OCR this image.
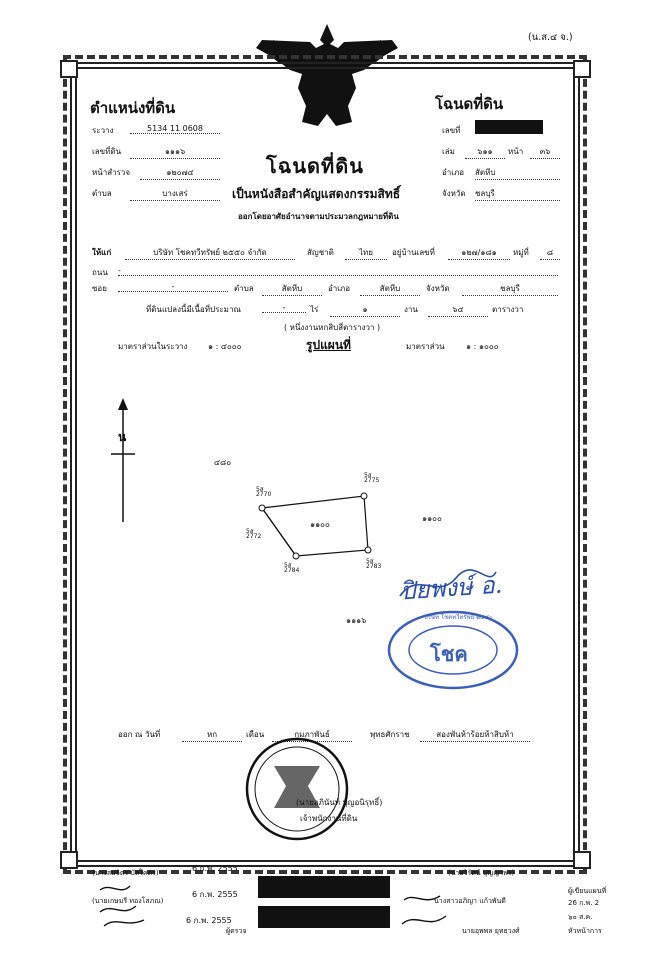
(น.ส.๔ จ.)
ตำแหน่งที่ดิน
ระวาง	5134 11 0608
เลขที่ดิน	๑๑๑๖
หน้าสำรวจ	๑๒๐๗๔
ตำบล	บางเสร่
โฉนดที่ดิน
เลขที่
เล่ม	๖๑๑	หน้า	๓๖
อำเภอ สัตหีบ
จังหวัด ชลบุรี
โฉนดที่ดิน
เป็นหนังสือสำคัญแสดงกรรมสิทธิ์
ออกโดยอาศัยอำนาจตามประมวลกฎหมายที่ดิน
ให้แก่	บริษัท โชคทวีทรัพย์ ๒๕๕๐ จำกัด	สัญชาติ	ไทย	อยู่บ้านเลขที่	๑๒๗/๑๘๑	หมู่ที่	๘
ถนน -
ซอย	-	ตำบล	สัตหีบ	อำเภอ	สัตหีบ	จังหวัด	ชลบุรี
ที่ดินแปลงนี้มีเนื้อที่ประมาณ	-	ไร่	๑	งาน	๖๔	ตารางวา
( หนึ่งงานหกสิบสี่ตารางวา )
มาตราส่วนในระวาง	๑ : ๔๐๐๐	รูปแผนที่	มาตราส่วน	๑ : ๑๐๐๐
น
๔๘๐
๑๑๐๐
๑๑๐๐
๑๑๑๖
5ส
2770
5ส
2775
5ส
2772
5ส
2784
5ส
2783
ปิยพงษ์ อ.
โชค
บริษัท โชคทวีทรัพย์ ๒๕๕๐
ออก ณ วันที่	หก	เดือน	กุมภาพันธ์	พุทธศักราช	สองพันห้าร้อยห้าสิบห้า
(นายอภินันท์ บุญอนิรุทธิ์)
เจ้าพนักงานที่ดิน
(นางสมจิตร บัลโคตร)	6 ก.พ. 2555	(นายวิรัตน์ บุญญาพร)
(นายเกษมรี ทองโสภณ)
6 ก.พ. 2555
นางสาวอภิญา แก้วพันดี
ผู้เขียนแผนที่
26 ก.พ. 2
6 ก.พ. 2555
ผู้ตรวจ	นายอุพพล ยุทธวงศ์
๖๐ ส.ค.
หัวหน้าการ
